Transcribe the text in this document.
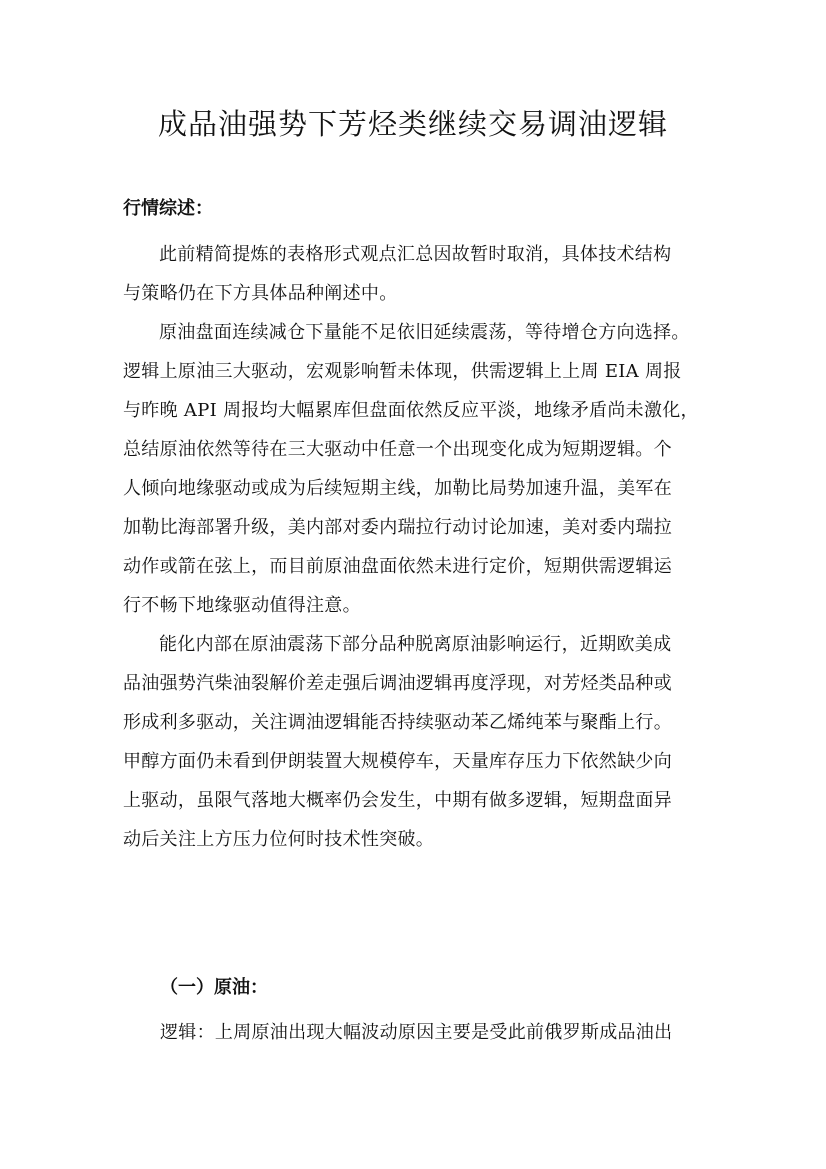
成品油强势下芳烃类继续交易调油逻辑
行情综述：

此前精简提炼的表格形式观点汇总因故暂时取消，具体技术结构
与策略仍在下方具体品种阐述中。

原油盘面连续减仓下量能不足依旧延续震荡，等待增仓方向选择。
逻辑上原油三大驱动，宏观影响暂未体现，供需逻辑上上周 EIA 周报
与昨晚 API 周报均大幅累库但盘面依然反应平淡，地缘矛盾尚未激化，
总结原油依然等待在三大驱动中任意一个出现变化成为短期逻辑。个
人倾向地缘驱动或成为后续短期主线，加勒比局势加速升温，美军在
加勒比海部署升级，美内部对委内瑞拉行动讨论加速，美对委内瑞拉
动作或箭在弦上，而目前原油盘面依然未进行定价，短期供需逻辑运
行不畅下地缘驱动值得注意。

能化内部在原油震荡下部分品种脱离原油影响运行，近期欧美成
品油强势汽柴油裂解价差走强后调油逻辑再度浮现，对芳烃类品种或
形成利多驱动，关注调油逻辑能否持续驱动苯乙烯纯苯与聚酯上行。
甲醇方面仍未看到伊朗装置大规模停车，天量库存压力下依然缺少向
上驱动，虽限气落地大概率仍会发生，中期有做多逻辑，短期盘面异
动后关注上方压力位何时技术性突破。

（一）原油：
逻辑：上周原油出现大幅波动原因主要是受此前俄罗斯成品油出
